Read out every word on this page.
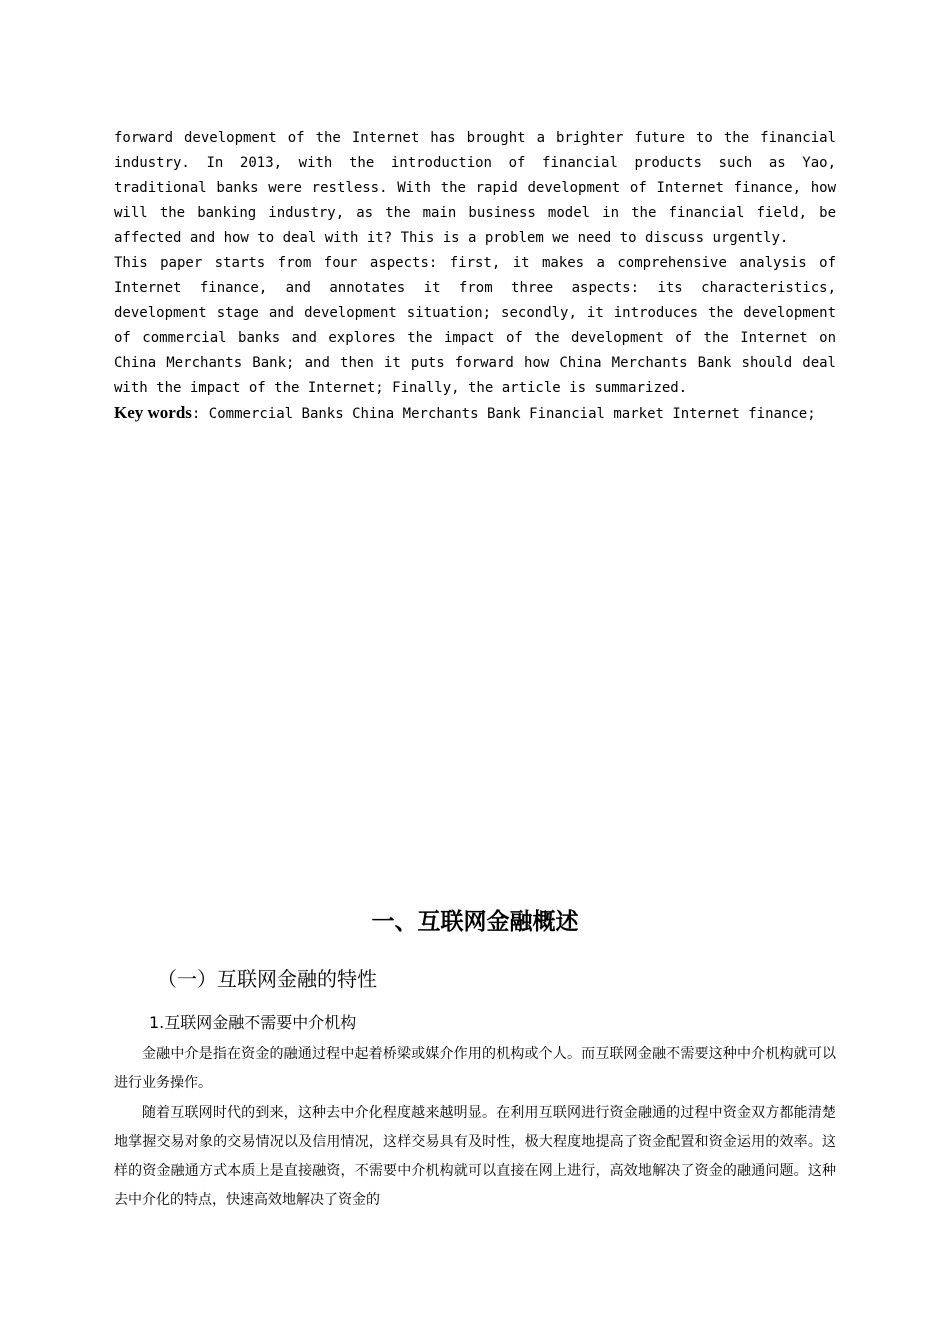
forward development of the Internet has brought a brighter future to the financial industry. In 2013, with the introduction of financial products such as Yao, traditional banks were restless. With the rapid development of Internet finance, how will the banking industry, as the main business model in the financial field, be affected and how to deal with it? This is a problem we need to discuss urgently.

This paper starts from four aspects: first, it makes a comprehensive analysis of Internet finance, and annotates it from three aspects: its characteristics, development stage and development situation; secondly, it introduces the development of commercial banks and explores the impact of the development of the Internet on China Merchants Bank; and then it puts forward how China Merchants Bank should deal with the impact of the Internet; Finally, the article is summarized.

Key words: Commercial Banks China Merchants Bank Financial market Internet finance;

一、互联网金融概述
（一）互联网金融的特性
1.互联网金融不需要中介机构

金融中介是指在资金的融通过程中起着桥梁或媒介作用的机构或个人。而互联网金融不需要这种中介机构就可以进行业务操作。

随着互联网时代的到来，这种去中介化程度越来越明显。在利用互联网进行资金融通的过程中资金双方都能清楚地掌握交易对象的交易情况以及信用情况，这样交易具有及时性，极大程度地提高了资金配置和资金运用的效率。这样的资金融通方式本质上是直接融资，不需要中介机构就可以直接在网上进行，高效地解决了资金的融通问题。这种去中介化的特点，快速高效地解决了资金的
